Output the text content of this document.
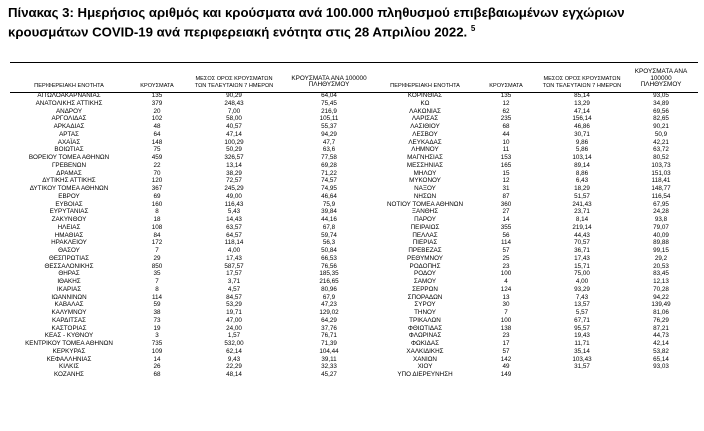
Πίνακας 3: Ημερήσιος αριθμός και κρούσματα ανά 100.000 πληθυσμού επιβεβαιωμένων εγχώριων κρουσμάτων COVID-19 ανά περιφερειακή ενότητα στις 28 Απριλίου 2022. $^5$
ΠΕΡΙΦΕΡΕΙΑΚΗ ΕΝΟΤΗΤΑ	ΚΡΟΥΣΜΑΤΑ
ΜΕΣΟΣ ΟΡΟΣ ΚΡΟΥΣΜΑΤΩΝ
ΤΩΝ ΤΕΛΕΥΤΑΙΩΝ 7 ΗΜΕΡΩΝ
ΚΡΟΥΣΜΑΤΑ ΑΝΑ 100000
ΠΛΗΘΥΣΜΟΥ	ΠΕΡΙΦΕΡΕΙΑΚΗ ΕΝΟΤΗΤΑ	ΚΡΟΥΣΜΑΤΑ
ΜΕΣΟΣ ΟΡΟΣ ΚΡΟΥΣΜΑΤΩΝ
ΤΩΝ ΤΕΛΕΥΤΑΙΩΝ 7 ΗΜΕΡΩΝ
ΚΡΟΥΣΜΑΤΑ ΑΝΑ 100000
ΠΛΗΘΥΣΜΟΥ
ΑΙΤΩΛΟΑΚΑΡΝΑΝΙΑΣ	135	90,29	64,04	ΚΟΡΙΝΘΙΑΣ	135	85,14	93,05
ΑΝΑΤΟΛΙΚΗΣ ΑΤΤΙΚΗΣ	379	248,43	75,45	ΚΩ	12	13,29	34,89
ΑΝΔΡΟΥ	20	7,00	216,9	ΛΑΚΩΝΙΑΣ	62	47,14	69,56
ΑΡΓΟΛΙΔΑΣ	102	58,00	105,11	ΛΑΡΙΣΑΣ	235	156,14	82,65
ΑΡΚΑΔΙΑΣ	48	40,57	55,37	ΛΑΣΙΘΙΟΥ	68	46,86	90,21
ΑΡΤΑΣ	64	47,14	94,29	ΛΕΣΒΟΥ	44	30,71	50,9
ΑΧΑΪΑΣ	148	100,29	47,7	ΛΕΥΚΑΔΑΣ	10	9,86	42,21
ΒΟΙΩΤΙΑΣ	75	50,29	63,6	ΛΗΜΝΟΥ	11	5,86	63,72
ΒΟΡΕΙΟΥ ΤΟΜΕΑ ΑΘΗΝΩΝ	459	326,57	77,58	ΜΑΓΝΗΣΙΑΣ	153	103,14	80,52
ΓΡΕΒΕΝΩΝ	22	13,14	69,28	ΜΕΣΣΗΝΙΑΣ	165	89,14	103,73
ΔΡΑΜΑΣ	70	38,29	71,22	ΜΗΛΟΥ	15	8,86	151,03
ΔΥΤΙΚΗΣ ΑΤΤΙΚΗΣ	120	72,57	74,57	ΜΥΚΟΝΟΥ	12	6,43	118,41
ΔΥΤΙΚΟΥ ΤΟΜΕΑ ΑΘΗΝΩΝ	367	245,29	74,95	ΝΑΞΟΥ	31	18,29	148,77
ΕΒΡΟΥ	69	49,00	46,64	ΝΗΣΩΝ	87	51,57	116,54
ΕΥΒΟΙΑΣ	160	116,43	75,9	ΝΟΤΙΟΥ ΤΟΜΕΑ ΑΘΗΝΩΝ	360	241,43	67,95
ΕΥΡΥΤΑΝΙΑΣ	8	5,43	39,84	ΞΑΝΘΗΣ	27	23,71	24,28
ΖΑΚΥΝΘΟΥ	18	14,43	44,16	ΠΑΡΟΥ	14	8,14	93,8
ΗΛΕΙΑΣ	108	63,57	67,8	ΠΕΙΡΑΙΩΣ	355	219,14	79,07
ΗΜΑΘΙΑΣ	84	64,57	59,74	ΠΕΛΛΑΣ	56	44,43	40,09
ΗΡΑΚΛΕΙΟΥ	172	118,14	56,3	ΠΙΕΡΙΑΣ	114	70,57	89,88
ΘΑΣΟΥ	7	4,00	50,84	ΠΡΕΒΕΖΑΣ	57	36,71	99,15
ΘΕΣΠΡΩΤΙΑΣ	29	17,43	66,53	ΡΕΘΥΜΝΟΥ	25	17,43	29,2
ΘΕΣΣΑΛΟΝΙΚΗΣ	850	587,57	76,56	ΡΟΔΟΠΗΣ	23	15,71	20,53
ΘΗΡΑΣ	35	17,57	185,35	ΡΟΔΟΥ	100	75,00	83,45
ΙΘΑΚΗΣ	7	3,71	216,65	ΣΑΜΟΥ	4	4,00	12,13
ΙΚΑΡΙΑΣ	8	4,57	80,96	ΣΕΡΡΩΝ	124	93,29	70,28
ΙΩΑΝΝΙΝΩΝ	114	84,57	67,9	ΣΠΟΡΑΔΩΝ	13	7,43	94,22
ΚΑΒΑΛΑΣ	59	53,29	47,23	ΣΥΡΟΥ	30	13,57	139,49
ΚΑΛΥΜΝΟΥ	38	19,71	129,02	ΤΗΝΟΥ	7	5,57	81,06
ΚΑΡΔΙΤΣΑΣ	73	47,00	64,29	ΤΡΙΚΑΛΩΝ	100	67,71	76,29
ΚΑΣΤΟΡΙΑΣ	19	24,00	37,76	ΦΘΙΩΤΙΔΑΣ	138	95,57	87,21
ΚΕΑΣ - ΚΥΘΝΟΥ	3	1,57	76,71	ΦΛΩΡΙΝΑΣ	23	19,43	44,73
ΚΕΝΤΡΙΚΟΥ ΤΟΜΕΑ ΑΘΗΝΩΝ	735	532,00	71,39	ΦΩΚΙΔΑΣ	17	11,71	42,14
ΚΕΡΚΥΡΑΣ	109	62,14	104,44	ΧΑΛΚΙΔΙΚΗΣ	57	35,14	53,82
ΚΕΦΑΛΛΗΝΙΑΣ	14	9,43	39,11	ΧΑΝΙΩΝ	142	103,43	65,14
ΚΙΛΚΙΣ	26	22,29	32,33	ΧΙΟΥ	49	31,57	93,03
ΚΟΖΑΝΗΣ	68	48,14	45,27	ΥΠΟ ΔΙΕΡΕΥΝΗΣΗ	149
